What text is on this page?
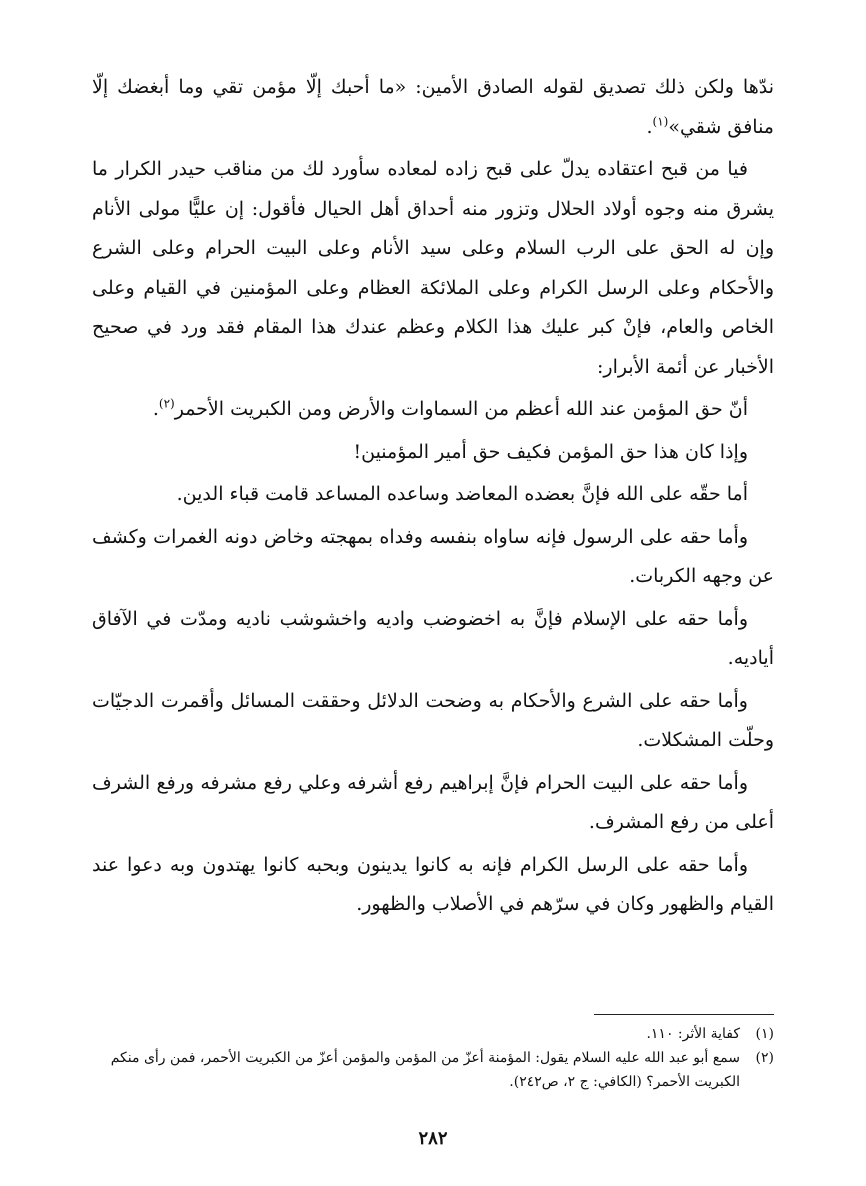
ندّها ولكن ذلك تصديق لقوله الصادق الأمين: «ما أحبك إلّا مؤمن تقي وما أبغضك إلّا منافق شقي»$^{(١)}$.

فيا من قبح اعتقاده يدلّ على قبح زاده لمعاده سأورد لك من مناقب حيدر الكرار ما يشرق منه وجوه أولاد الحلال وتزور منه أحداق أهل الحيال فأقول: إن عليًّا مولى الأنام وإن له الحق على الرب السلام وعلى سيد الأنام وعلى البيت الحرام وعلى الشرع والأحكام وعلى الرسل الكرام وعلى الملائكة العظام وعلى المؤمنين في القيام وعلى الخاص والعام، فإنْ كبر عليك هذا الكلام وعظم عندك هذا المقام فقد ورد في صحيح الأخبار عن أئمة الأبرار:

أنّ حق المؤمن عند الله أعظم من السماوات والأرض ومن الكبريت الأحمر$^{(٢)}$.

وإذا كان هذا حق المؤمن فكيف حق أمير المؤمنين!

أما حقّه على الله فإنَّ بعضده المعاضد وساعده المساعد قامت قباء الدين.

وأما حقه على الرسول فإنه ساواه بنفسه وفداه بمهجته وخاض دونه الغمرات وكشف عن وجهه الكربات.

وأما حقه على الإسلام فإنَّ به اخضوضب واديه واخشوشب ناديه ومدّت في الآفاق أياديه.

وأما حقه على الشرع والأحكام به وضحت الدلائل وحققت المسائل وأقمرت الدجيّات وحلّت المشكلات.

وأما حقه على البيت الحرام فإنَّ إبراهيم رفع أشرفه وعلي رفع مشرفه ورفع الشرف أعلى من رفع المشرف.

وأما حقه على الرسل الكرام فإنه به كانوا يدينون وبحبه كانوا يهتدون وبه دعوا عند القيام والظهور وكان في سرّهم في الأصلاب والظهور.

(١)
كفاية الأثر: ١١٠.
(٢)
سمع أبو عبد الله عليه السلام يقول: المؤمنة أعزّ من المؤمن والمؤمن أعزّ من الكبريت الأحمر، فمن رأى منكم الكبريت الأحمر؟ (الكافي: ج ٢، ص٢٤٢).
٢٨٢
